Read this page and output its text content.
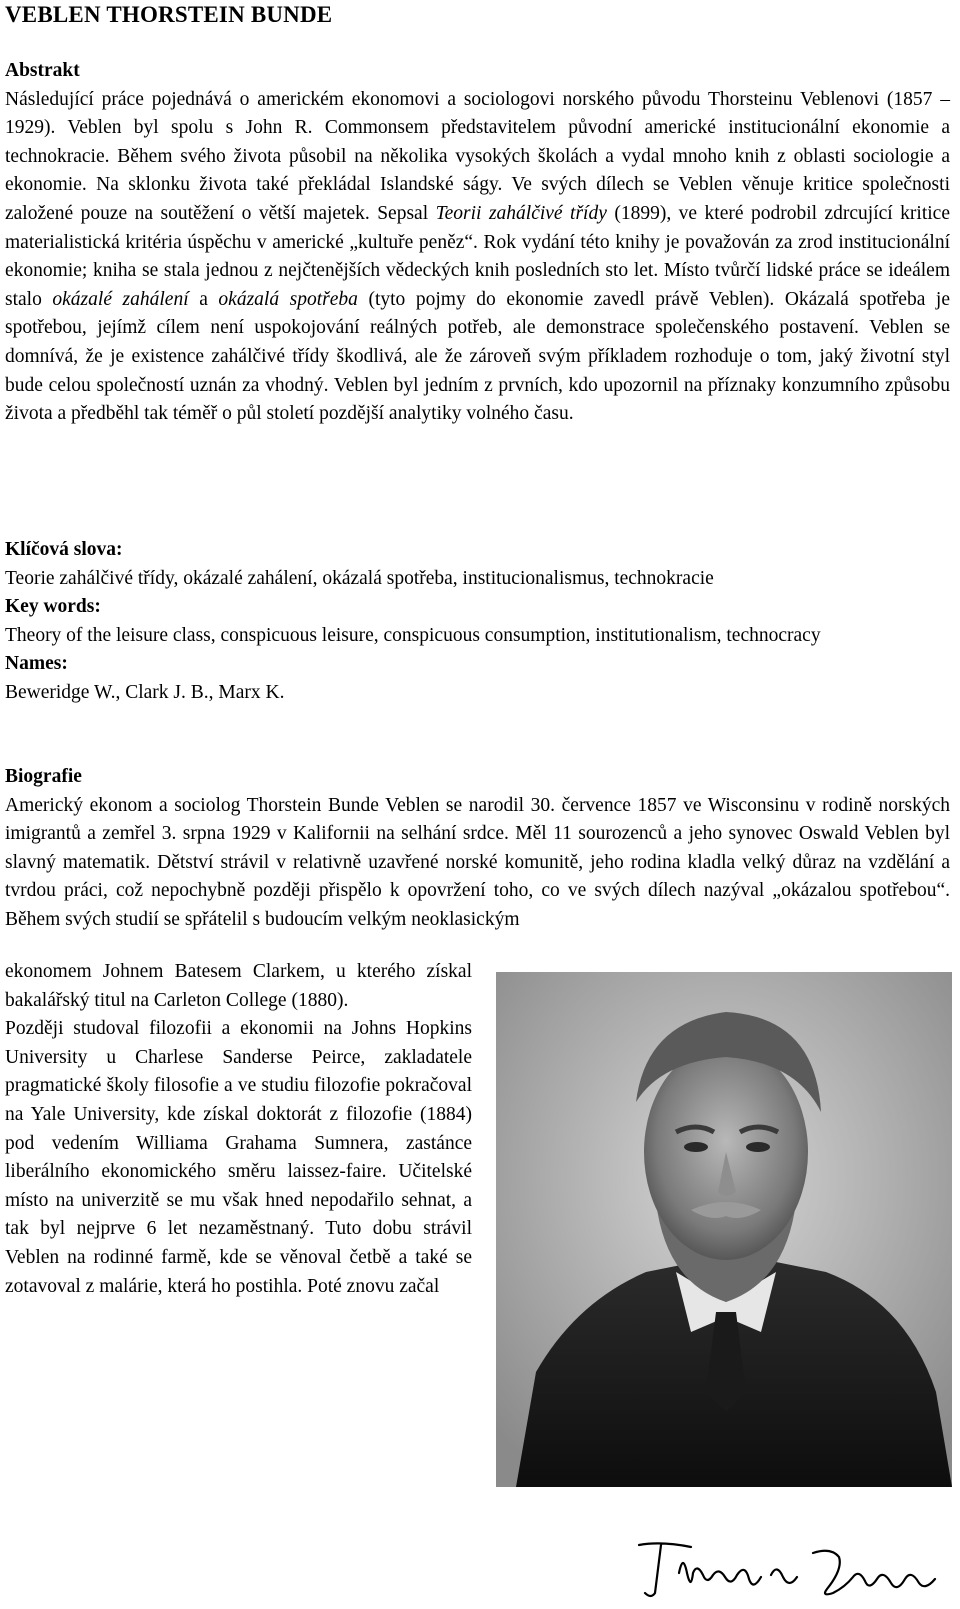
VEBLEN THORSTEIN BUNDE
Abstrakt

Následující práce pojednává o americkém ekonomovi a sociologovi norského původu Thorsteinu Veblenovi (1857 – 1929). Veblen byl spolu s John R. Commonsem představitelem původní americké institucionální ekonomie a technokracie. Během svého života působil na několika vysokých školách a vydal mnoho knih z oblasti sociologie a ekonomie. Na sklonku života také překládal Islandské ságy. Ve svých dílech se Veblen věnuje kritice společnosti založené pouze na soutěžení o větší majetek. Sepsal Teorii zahálčivé třídy (1899), ve které podrobil zdrcující kritice materialistická kritéria úspěchu v americké „kultuře peněz“. Rok vydání této knihy je považován za zrod institucionální ekonomie; kniha se stala jednou z nejčtenějších vědeckých knih posledních sto let. Místo tvůrčí lidské práce se ideálem stalo okázalé zahálení a okázalá spotřeba (tyto pojmy do ekonomie zavedl právě Veblen). Okázalá spotřeba je spotřebou, jejímž cílem není uspokojování reálných potřeb, ale demonstrace společenského postavení. Veblen se domnívá, že je existence zahálčivé třídy škodlivá, ale že zároveň svým příkladem rozhoduje o tom, jaký životní styl bude celou společností uznán za vhodný. Veblen byl jedním z prvních, kdo upozornil na příznaky konzumního způsobu života a předběhl tak téměř o půl století pozdější analytiky volného času.

Klíčová slova:

Teorie zahálčivé třídy, okázalé zahálení, okázalá spotřeba, institucionalismus, technokracie

Key words:

Theory of the leisure class, conspicuous leisure, conspicuous consumption, institutionalism, technocracy

Names:

Beweridge W., Clark J. B., Marx K.

Biografie

Americký ekonom a sociolog Thorstein Bunde Veblen se narodil 30. července 1857 ve Wisconsinu v rodině norských imigrantů a zemřel 3. srpna 1929 v Kalifornii na selhání srdce. Měl 11 sourozenců a jeho synovec Oswald Veblen byl slavný matematik. Dětství strávil v relativně uzavřené norské komunitě, jeho rodina kladla velký důraz na vzdělání a tvrdou práci, což nepochybně později přispělo k opovržení toho, co ve svých dílech nazýval „okázalou spotřebou“. Během svých studií se spřátelil s budoucím velkým neoklasickým

ekonomem Johnem Batesem Clarkem, u kterého získal bakalářský titul na Carleton College (1880).

Později studoval filozofii a ekonomii na Johns Hopkins University u Charlese Sanderse Peirce, zakladatele pragmatické školy filosofie a ve studiu filozofie pokračoval na Yale University, kde získal doktorát z filozofie (1884) pod vedením Williama Grahama Sumnera, zastánce liberálního ekonomického směru laissez-faire. Učitelské místo na univerzitě se mu však hned nepodařilo sehnat, a tak byl nejprve 6 let nezaměstnaný. Tuto dobu strávil Veblen na rodinné farmě, kde se věnoval četbě a také se zotavoval z malárie, která ho postihla. Poté znovu začal
